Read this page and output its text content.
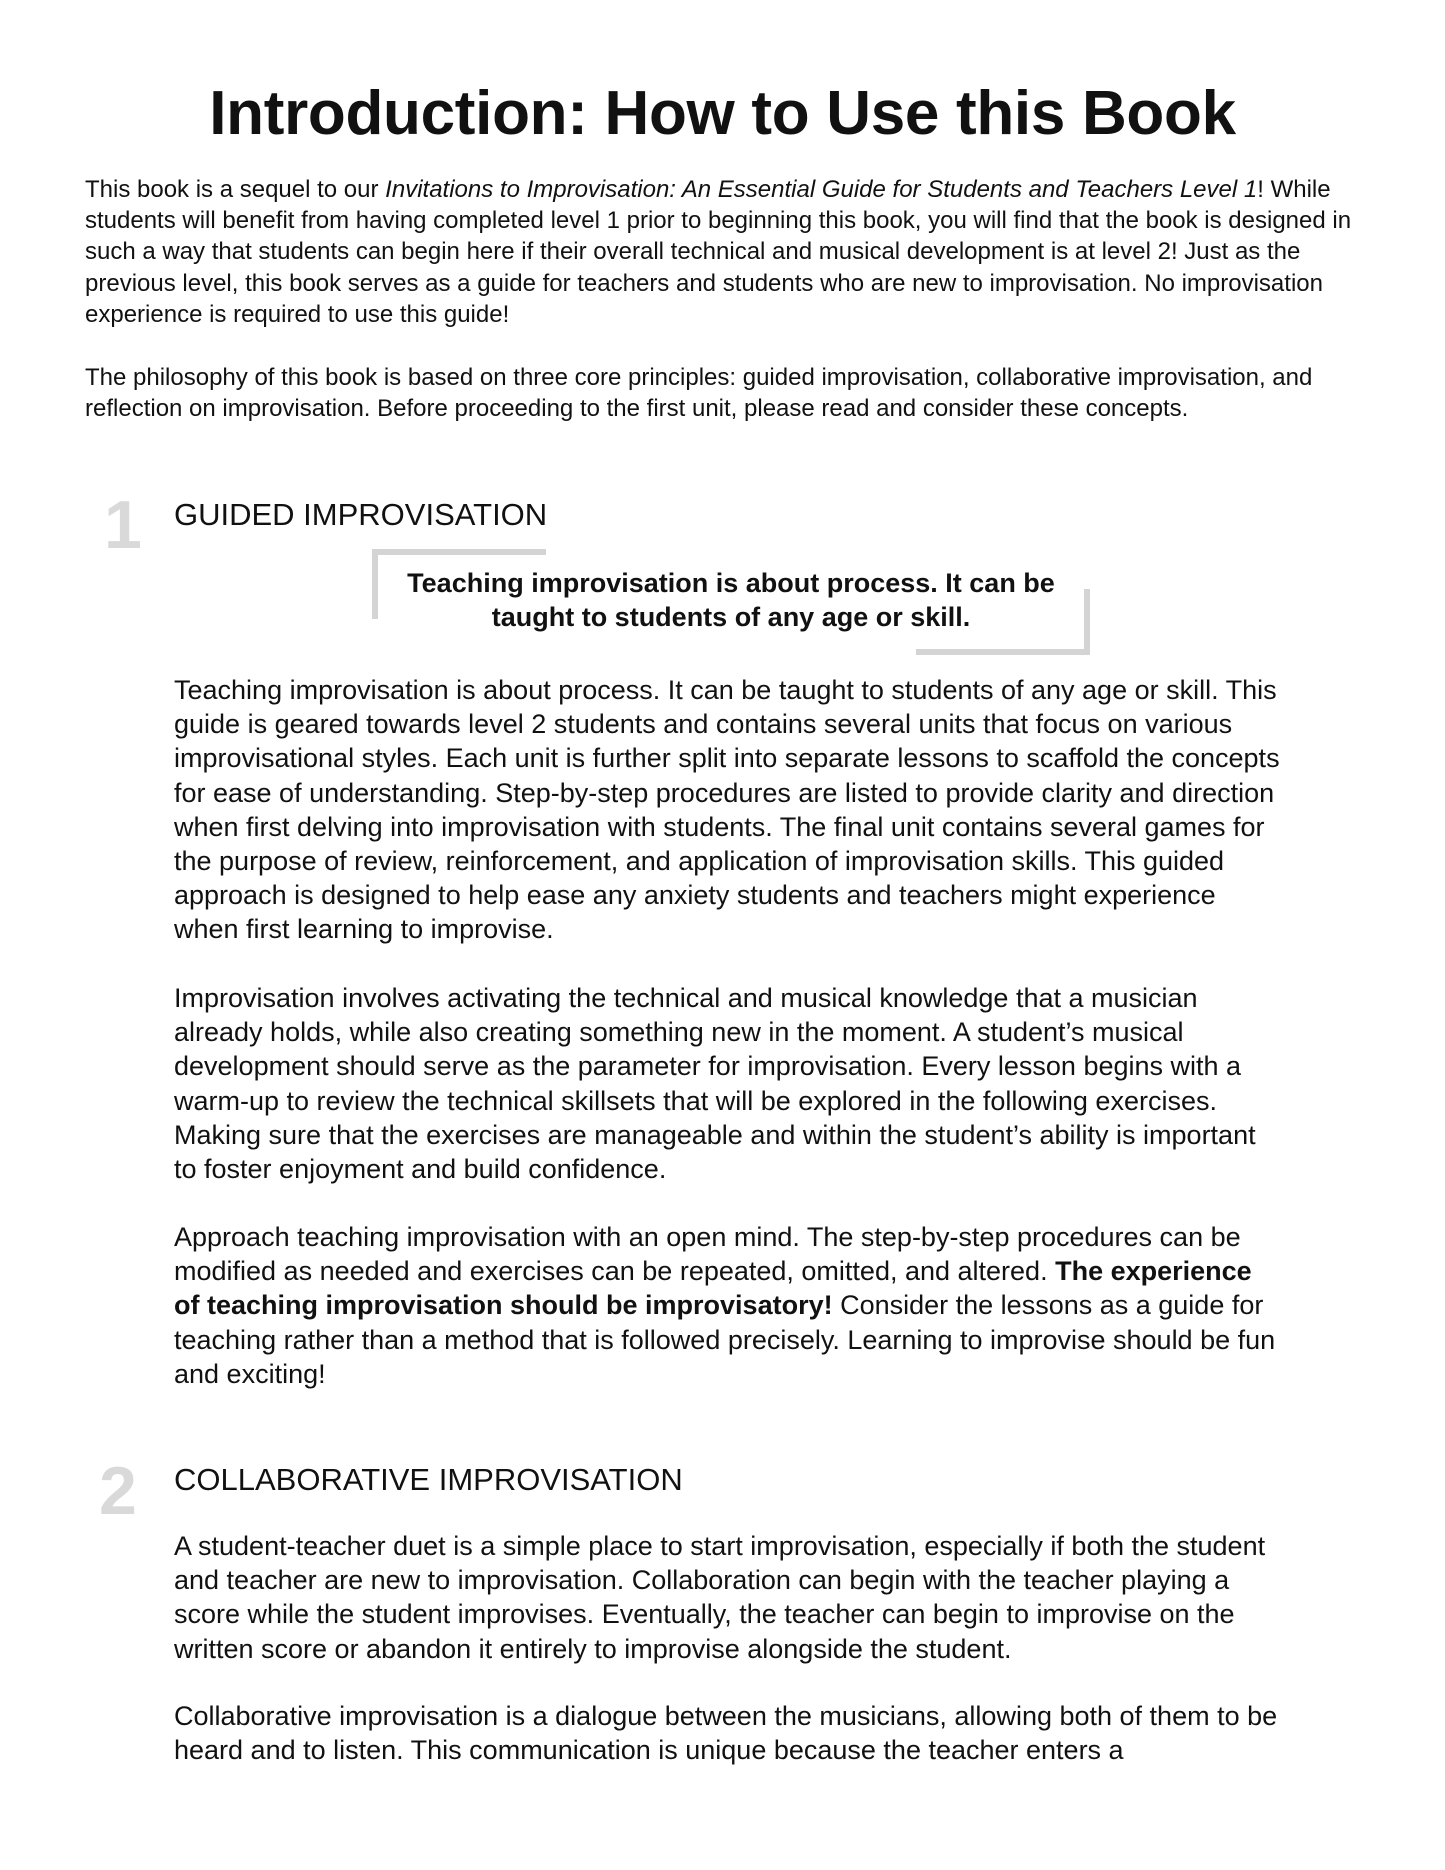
Introduction: How to Use this Book

This book is a sequel to our Invitations to Improvisation: An Essential Guide for Students and Teachers Level 1! While students will benefit from having completed level 1 prior to beginning this book, you will find that the book is designed in such a way that students can begin here if their overall technical and musical development is at level 2! Just as the previous level, this book serves as a guide for teachers and students who are new to improvisation. No improvisation experience is required to use this guide!

The philosophy of this book is based on three core principles: guided improvisation, collaborative improvisation, and reflection on improvisation. Before proceeding to the first unit, please read and consider these concepts.

1 GUIDED IMPROVISATION

Teaching improvisation is about process. It can be taught to students of any age or skill.

Teaching improvisation is about process. It can be taught to students of any age or skill. This guide is geared towards level 2 students and contains several units that focus on various improvisational styles. Each unit is further split into separate lessons to scaffold the concepts for ease of understanding. Step-by-step procedures are listed to provide clarity and direction when first delving into improvisation with students. The final unit contains several games for the purpose of review, reinforcement, and application of improvisation skills. This guided approach is designed to help ease any anxiety students and teachers might experience when first learning to improvise.

Improvisation involves activating the technical and musical knowledge that a musician already holds, while also creating something new in the moment. A student’s musical development should serve as the parameter for improvisation. Every lesson begins with a warm-up to review the technical skillsets that will be explored in the following exercises. Making sure that the exercises are manageable and within the student’s ability is important to foster enjoyment and build confidence.

Approach teaching improvisation with an open mind. The step-by-step procedures can be modified as needed and exercises can be repeated, omitted, and altered. The experience of teaching improvisation should be improvisatory! Consider the lessons as a guide for teaching rather than a method that is followed precisely. Learning to improvise should be fun and exciting!

2 COLLABORATIVE IMPROVISATION

A student-teacher duet is a simple place to start improvisation, especially if both the student and teacher are new to improvisation. Collaboration can begin with the teacher playing a score while the student improvises. Eventually, the teacher can begin to improvise on the written score or abandon it entirely to improvise alongside the student.

Collaborative improvisation is a dialogue between the musicians, allowing both of them to be heard and to listen. This communication is unique because the teacher enters a
